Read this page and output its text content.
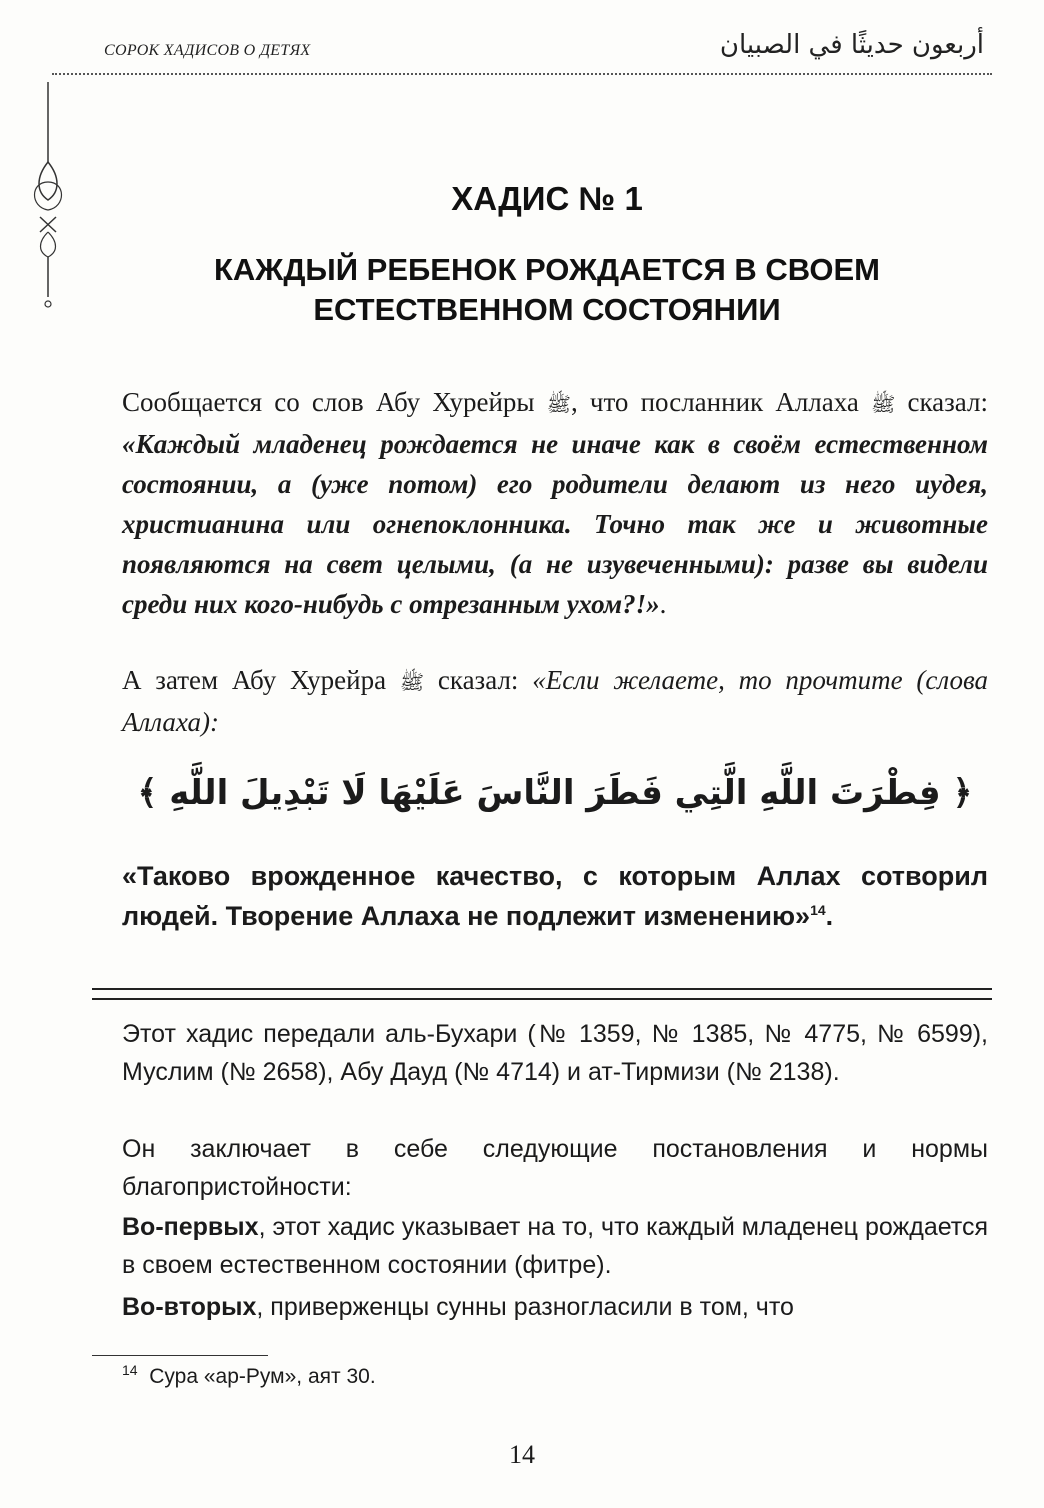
СОРОК ХАДИСОВ О ДЕТЯХ	أربعون حديثًا في الصبيان
ХАДИС № 1
КАЖДЫЙ РЕБЕНОК РОЖДАЕТСЯ В СВОЕМ ЕСТЕСТВЕННОМ СОСТОЯНИИ
Сообщается со слов Абу Хурейры ﷺ, что посланник Аллаха ﷺ сказал: «Каждый младенец рождается не иначе как в своём естественном состоянии, а (уже потом) его родители делают из него иудея, христианина или огнепоклонника. Точно так же и животные появляются на свет целыми, (а не изувеченными): разве вы видели среди них кого-нибудь с отрезанным ухом?!».
А затем Абу Хурейра ﷺ сказал: «Если желаете, то прочтите (слова Аллаха):
﴿ فِطْرَتَ اللَّهِ الَّتِي فَطَرَ النَّاسَ عَلَيْهَا لَا تَبْدِيلَ اللَّهِ ﴾
«Таково врожденное качество, с которым Аллах сотворил людей. Творение Аллаха не подлежит изменению»$^{14}$.
Этот хадис передали аль-Бухари (№ 1359, № 1385, № 4775, № 6599), Муслим (№ 2658), Абу Дауд (№ 4714) и ат-Тирмизи (№ 2138).
Он заключает в себе следующие постановления и нормы благопристойности:
Во-первых, этот хадис указывает на то, что каждый младенец рождается в своем естественном состоянии (фитре).
Во-вторых, приверженцы сунны разногласили в том, что
$^{14}$ Сура «ар-Рум», аят 30.
14
